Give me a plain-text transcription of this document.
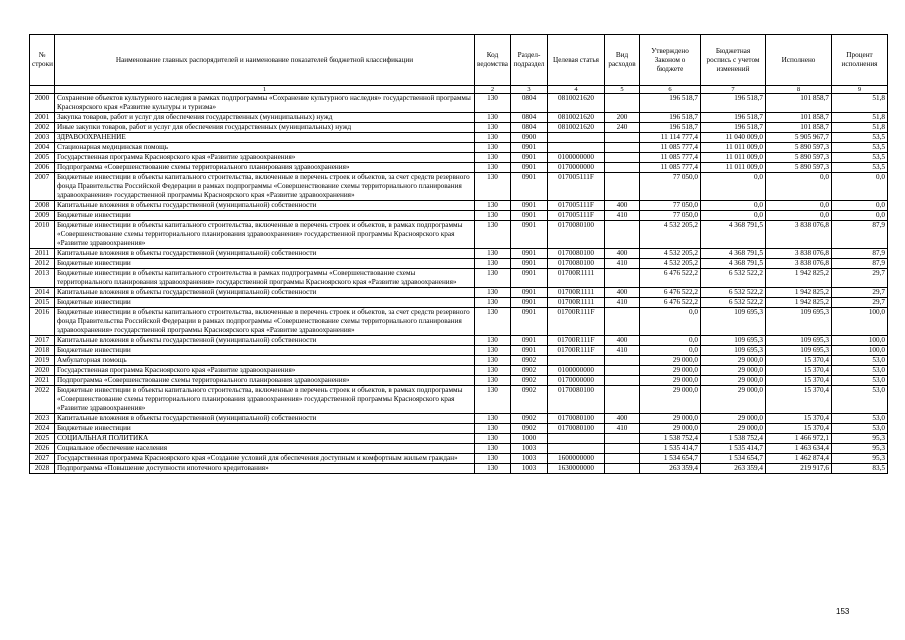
№ строки	Наименование главных распорядителей и наименование показателей бюджетной классификации	Код ведомства	Раздел-подраздел	Целевая статья	Вид расходов	Утверждено Законом о бюджете	Бюджетная роспись с учетом изменений	Исполнено	Процент исполнения
	1	2	3	4	5	6	7	8	9
2000	Сохранение объектов культурного наследия в рамках подпрограммы «Сохранение культурного наследия» государственной программы Красноярского края «Развитие культуры и туризма»	130	0804	0810021620		196 518,7	196 518,7	101 858,7	51,8
2001	Закупка товаров, работ и услуг для обеспечения государственных (муниципальных) нужд	130	0804	0810021620	200	196 518,7	196 518,7	101 858,7	51,8
2002	Иные закупки товаров, работ и услуг для обеспечения государственных (муниципальных) нужд	130	0804	0810021620	240	196 518,7	196 518,7	101 858,7	51,8
2003	ЗДРАВООХРАНЕНИЕ	130	0900			11 114 777,4	11 040 009,0	5 905 967,7	53,5
2004	Стационарная медицинская помощь	130	0901			11 085 777,4	11 011 009,0	5 890 597,3	53,5
2005	Государственная программа Красноярского края «Развитие здравоохранения»	130	0901	0100000000		11 085 777,4	11 011 009,0	5 890 597,3	53,5
2006	Подпрограмма «Совершенствование схемы территориального планирования здравоохранения»	130	0901	0170000000		11 085 777,4	11 011 009,0	5 890 597,3	53,5
2007	Бюджетные инвестиции в объекты капитального строительства, включенные в перечень строек и объектов, за счет средств резервного фонда Правительства Российской Федерации в рамках подпрограммы «Совершенствование схемы территориального планирования здравоохранения» государственной программы Красноярского края «Развитие здравоохранения»	130	0901	017005111F		77 050,0	0,0	0,0	0,0
2008	Капитальные вложения в объекты государственной (муниципальной) собственности	130	0901	017005111F	400	77 050,0	0,0	0,0	0,0
2009	Бюджетные инвестиции	130	0901	017005111F	410	77 050,0	0,0	0,0	0,0
2010	Бюджетные инвестиции в объекты капитального строительства, включенные в перечень строек и объектов, в рамках подпрограммы «Совершенствование схемы территориального планирования здравоохранения» государственной программы Красноярского края «Развитие здравоохранения»	130	0901	0170080100		4 532 205,2	4 368 791,5	3 838 076,8	87,9
2011	Капитальные вложения в объекты государственной (муниципальной) собственности	130	0901	0170080100	400	4 532 205,2	4 368 791,5	3 838 076,8	87,9
2012	Бюджетные инвестиции	130	0901	0170080100	410	4 532 205,2	4 368 791,5	3 838 076,8	87,9
2013	Бюджетные инвестиции в объекты капитального строительства в рамках подпрограммы «Совершенствование схемы территориального планирования здравоохранения» государственной программы Красноярского края «Развитие здравоохранения»	130	0901	01700R1111		6 476 522,2	6 532 522,2	1 942 825,2	29,7
2014	Капитальные вложения в объекты государственной (муниципальной) собственности	130	0901	01700R1111	400	6 476 522,2	6 532 522,2	1 942 825,2	29,7
2015	Бюджетные инвестиции	130	0901	01700R1111	410	6 476 522,2	6 532 522,2	1 942 825,2	29,7
2016	Бюджетные инвестиции в объекты капитального строительства, включенные в перечень строек и объектов, за счет средств резервного фонда Правительства Российской Федерации в рамках подпрограммы «Совершенствование схемы территориального планирования здравоохранения» государственной программы Красноярского края «Развитие здравоохранения»	130	0901	01700R111F		0,0	109 695,3	109 695,3	100,0
2017	Капитальные вложения в объекты государственной (муниципальной) собственности	130	0901	01700R111F	400	0,0	109 695,3	109 695,3	100,0
2018	Бюджетные инвестиции	130	0901	01700R111F	410	0,0	109 695,3	109 695,3	100,0
2019	Амбулаторная помощь	130	0902			29 000,0	29 000,0	15 370,4	53,0
2020	Государственная программа Красноярского края «Развитие здравоохранения»	130	0902	0100000000		29 000,0	29 000,0	15 370,4	53,0
2021	Подпрограмма «Совершенствование схемы территориального планирования здравоохранения»	130	0902	0170000000		29 000,0	29 000,0	15 370,4	53,0
2022	Бюджетные инвестиции в объекты капитального строительства, включенные в перечень строек и объектов, в рамках подпрограммы «Совершенствование схемы территориального планирования здравоохранения» государственной программы Красноярского края «Развитие здравоохранения»	130	0902	0170080100		29 000,0	29 000,0	15 370,4	53,0
2023	Капитальные вложения в объекты государственной (муниципальной) собственности	130	0902	0170080100	400	29 000,0	29 000,0	15 370,4	53,0
2024	Бюджетные инвестиции	130	0902	0170080100	410	29 000,0	29 000,0	15 370,4	53,0
2025	СОЦИАЛЬНАЯ ПОЛИТИКА	130	1000			1 538 752,4	1 538 752,4	1 466 972,1	95,3
2026	Социальное обеспечение населения	130	1003			1 535 414,7	1 535 414,7	1 463 634,4	95,3
2027	Государственная программа Красноярского края «Создание условий для обеспечения доступным и комфортным жильем граждан»	130	1003	1600000000		1 534 654,7	1 534 654,7	1 462 874,4	95,3
2028	Подпрограмма «Повышение доступности ипотечного кредитования»	130	1003	1630000000		263 359,4	263 359,4	219 917,6	83,5
153
